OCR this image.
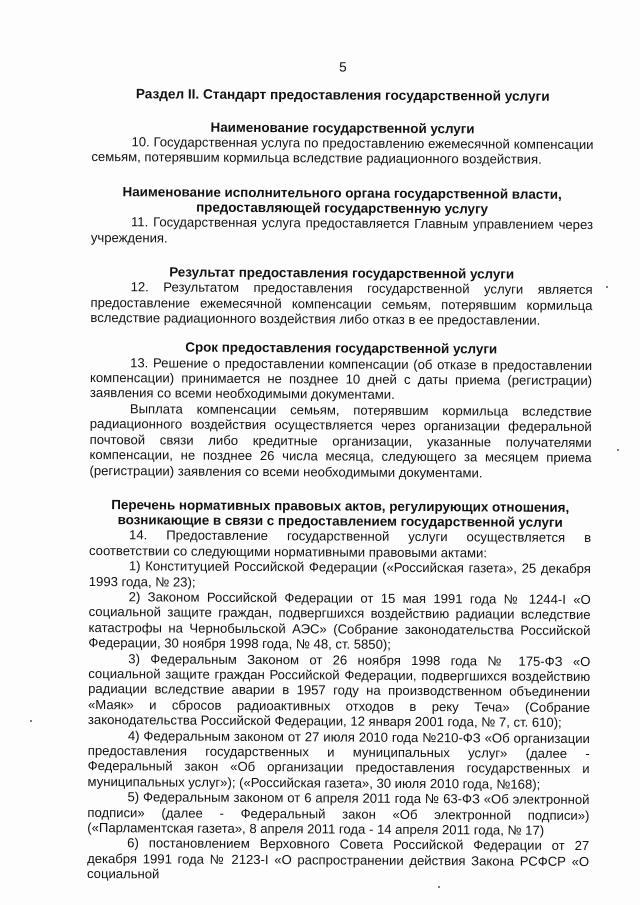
5
Раздел II. Стандарт предоставления государственной услуги
Наименование государственной услуги
10. Государственная услуга по предоставлению ежемесячной компенсации семьям, потерявшим кормильца вследствие радиационного воздействия.
Наименование исполнительного органа государственной власти,
предоставляющей государственную услугу
11. Государственная услуга предоставляется Главным управлением через учреждения.
Результат предоставления государственной услуги
12. Результатом предоставления государственной услуги является предоставление ежемесячной компенсации семьям, потерявшим кормильца вследствие радиационного воздействия либо отказ в ее предоставлении.
Срок предоставления государственной услуги
13. Решение о предоставлении компенсации (об отказе в предоставлении компенсации) принимается не позднее 10 дней с даты приема (регистрации) заявления со всеми необходимыми документами.
Выплата компенсации семьям, потерявшим кормильца вследствие радиационного воздействия осуществляется через организации федеральной почтовой связи либо кредитные организации, указанные получателями компенсации, не позднее 26 числа месяца, следующего за месяцем приема (регистрации) заявления со всеми необходимыми документами.
Перечень нормативных правовых актов, регулирующих отношения,
возникающие в связи с предоставлением государственной услуги
14. Предоставление государственной услуги осуществляется в соответствии со следующими нормативными правовыми актами:
1) Конституцией Российской Федерации («Российская газета», 25 декабря 1993 года, № 23);
2) Законом Российской Федерации от 15 мая 1991 года № 1244-I «О социальной защите граждан, подвергшихся воздействию радиации вследствие катастрофы на Чернобыльской АЭС» (Собрание законодательства Российской Федерации, 30 ноября 1998 года, № 48, ст. 5850);
3) Федеральным Законом от 26 ноября 1998 года № 175-ФЗ «О социальной защите граждан Российской Федерации, подвергшихся воздействию радиации вследствие аварии в 1957 году на производственном объединении «Маяк» и сбросов радиоактивных отходов в реку Теча» (Собрание законодательства Российской Федерации, 12 января 2001 года, № 7, ст. 610);
4) Федеральным законом от 27 июля 2010 года №210-ФЗ «Об организации предоставления государственных и муниципальных услуг» (далее - Федеральный закон «Об организации предоставления государственных и муниципальных услуг»); («Российская газета», 30 июля 2010 года, №168);
5) Федеральным законом от 6 апреля 2011 года № 63-ФЗ «Об электронной подписи» (далее - Федеральный закон «Об электронной подписи») («Парламентская газета», 8 апреля 2011 года - 14 апреля 2011 года, № 17)
6) постановлением Верховного Совета Российской Федерации от 27 декабря 1991 года № 2123-I «О распространении действия Закона РСФСР «О социальной
